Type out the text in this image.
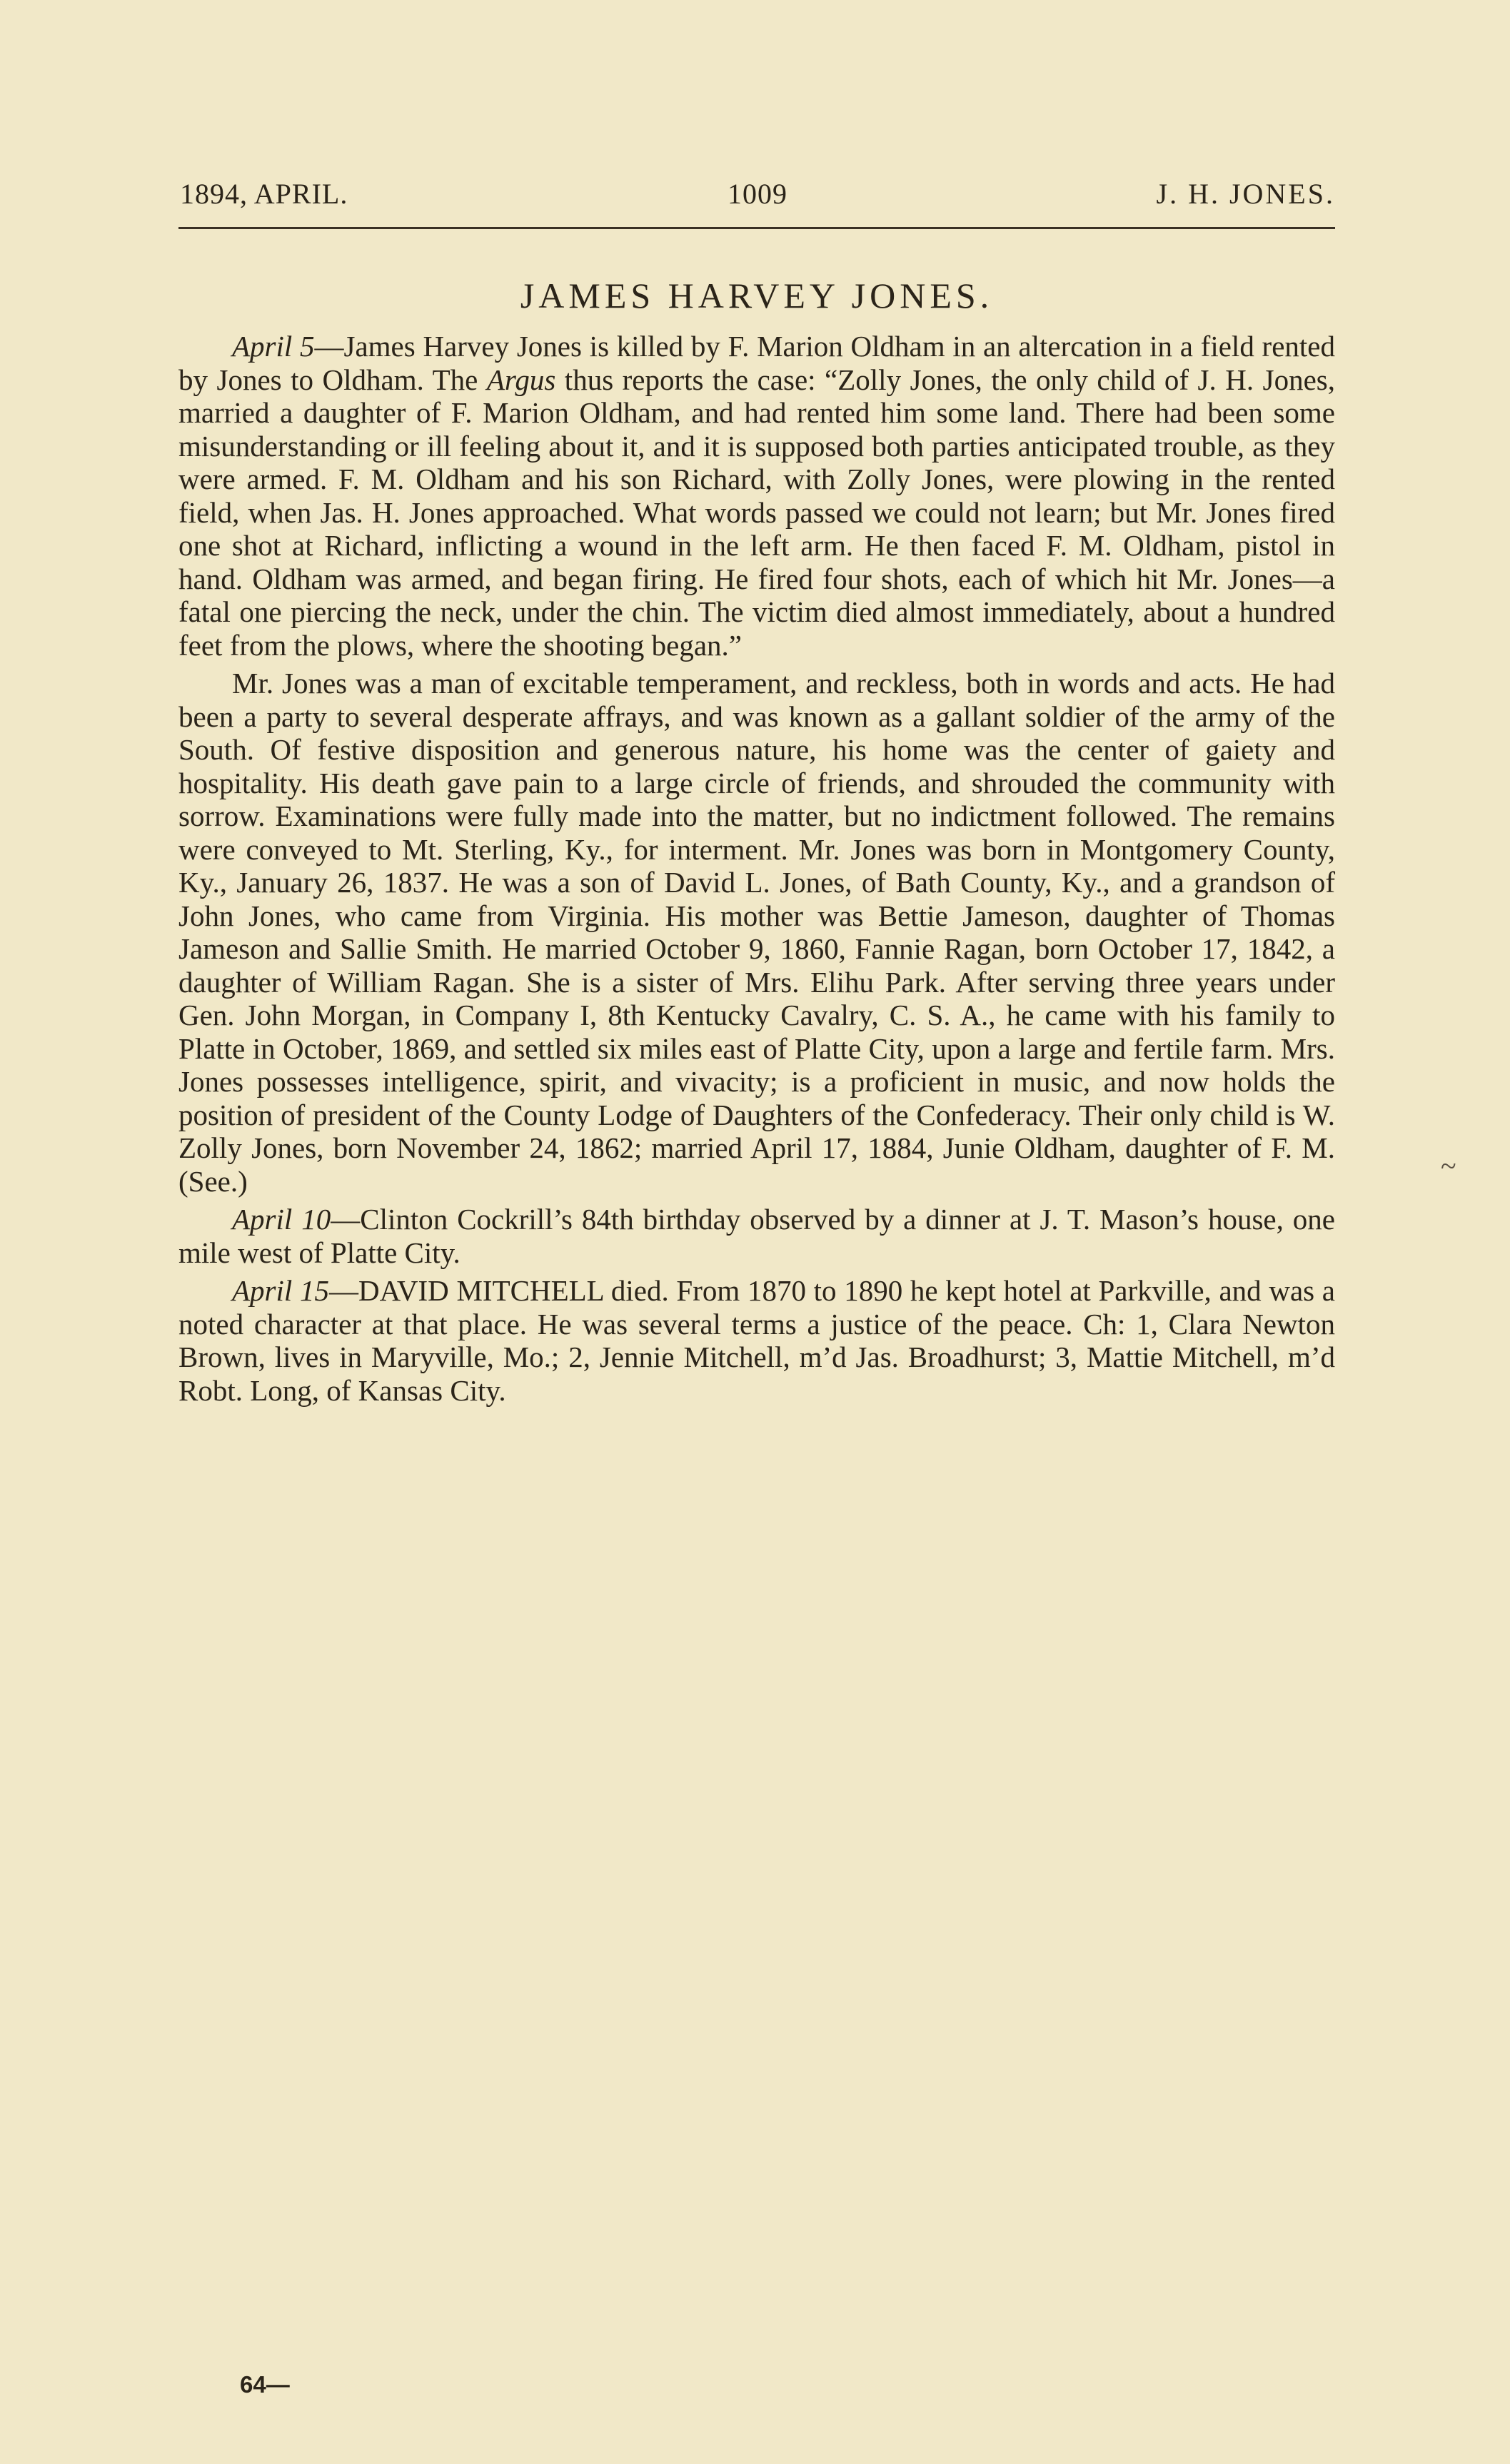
1894, APRIL.	1009	J. H. JONES.
JAMES HARVEY JONES.

April 5—James Harvey Jones is killed by F. Marion Oldham in an altercation in a field rented by Jones to Oldham. The Argus thus reports the case: “Zolly Jones, the only child of J. H. Jones, married a daughter of F. Marion Oldham, and had rented him some land. There had been some misunderstanding or ill feeling about it, and it is supposed both parties anticipated trouble, as they were armed. F. M. Oldham and his son Richard, with Zolly Jones, were plowing in the rented field, when Jas. H. Jones approached. What words passed we could not learn; but Mr. Jones fired one shot at Richard, inflicting a wound in the left arm. He then faced F. M. Oldham, pistol in hand. Oldham was armed, and began firing. He fired four shots, each of which hit Mr. Jones—a fatal one piercing the neck, under the chin. The victim died almost immediately, about a hundred feet from the plows, where the shooting began.”

Mr. Jones was a man of excitable temperament, and reckless, both in words and acts. He had been a party to several desperate affrays, and was known as a gallant soldier of the army of the South. Of festive disposition and generous nature, his home was the center of gaiety and hospitality. His death gave pain to a large circle of friends, and shrouded the community with sorrow. Examinations were fully made into the matter, but no indictment followed. The remains were conveyed to Mt. Sterling, Ky., for interment. Mr. Jones was born in Montgomery County, Ky., January 26, 1837. He was a son of David L. Jones, of Bath County, Ky., and a grandson of John Jones, who came from Virginia. His mother was Bettie Jameson, daughter of Thomas Jameson and Sallie Smith. He married October 9, 1860, Fannie Ragan, born October 17, 1842, a daughter of William Ragan. She is a sister of Mrs. Elihu Park. After serving three years under Gen. John Morgan, in Company I, 8th Kentucky Cavalry, C. S. A., he came with his family to Platte in October, 1869, and settled six miles east of Platte City, upon a large and fertile farm. Mrs. Jones possesses intelligence, spirit, and vivacity; is a proficient in music, and now holds the position of president of the County Lodge of Daughters of the Confederacy. Their only child is W. Zolly Jones, born November 24, 1862; married April 17, 1884, Junie Oldham, daughter of F. M. (See.)

April 10—Clinton Cockrill’s 84th birthday observed by a dinner at J. T. Mason’s house, one mile west of Platte City.

April 15—DAVID MITCHELL died. From 1870 to 1890 he kept hotel at Parkville, and was a noted character at that place. He was several terms a justice of the peace. Ch: 1, Clara Newton Brown, lives in Maryville, Mo.; 2, Jennie Mitchell, m’d Jas. Broadhurst; 3, Mattie Mitchell, m’d Robt. Long, of Kansas City.

~
64—
